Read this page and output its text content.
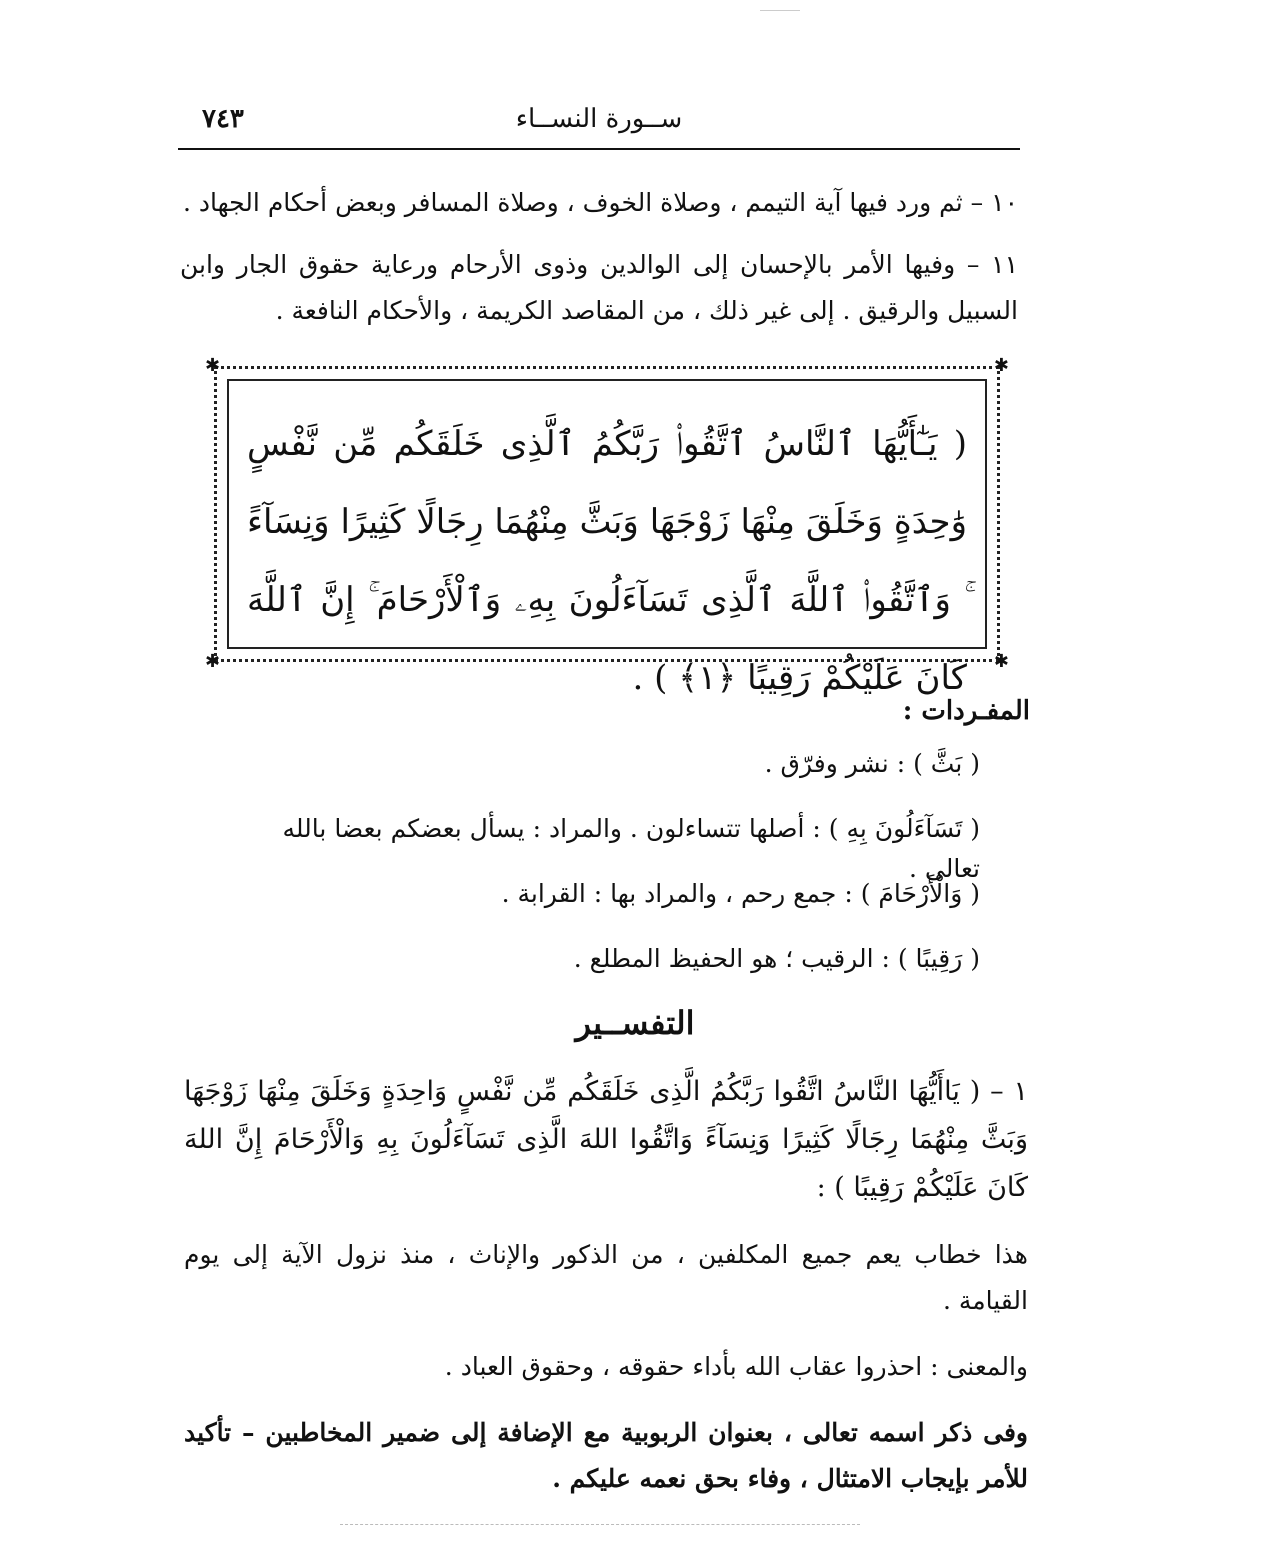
٧٤٣	ســورة النســاء

١٠ – ثم ورد فيها آية التيمم ، وصلاة الخوف ، وصلاة المسافر وبعض أحكام الجهاد .

١١ – وفيها الأمر بالإحسان إلى الوالدين وذوى الأرحام ورعاية حقوق الجار وابن السبيل والرقيق . إلى غير ذلك ، من المقاصد الكريمة ، والأحكام النافعة .

✱	✱
✱	✱
( يَـٰٓأَيُّهَا ٱلنَّاسُ ٱتَّقُوا۟ رَبَّكُمُ ٱلَّذِى خَلَقَكُم مِّن نَّفْسٍ وَٰحِدَةٍ وَخَلَقَ مِنْهَا زَوْجَهَا وَبَثَّ مِنْهُمَا رِجَالًا كَثِيرًا وَنِسَآءً ۚ وَٱتَّقُوا۟ ٱللَّهَ ٱلَّذِى تَسَآءَلُونَ بِهِۦ وَٱلْأَرْحَامَ ۚ إِنَّ ٱللَّهَ كَانَ عَلَيْكُمْ رَقِيبًا ﴿١﴾ ) .
المفـردات :

( بَثَّ ) : نشر وفرّق .

( تَسَآءَلُونَ بِهِ ) : أصلها تتساءلون . والمراد : يسأل بعضكم بعضا بالله تعالى .

( وَالْأَرْحَامَ ) : جمع رحم ، والمراد بها : القرابة .

( رَقِيبًا ) : الرقيب ؛ هو الحفيظ المطلع .

التفســير

١ – ( يَاأَيُّهَا النَّاسُ اتَّقُوا رَبَّكُمُ الَّذِى خَلَقَكُم مِّن نَّفْسٍ وَاحِدَةٍ وَخَلَقَ مِنْهَا زَوْجَهَا وَبَثَّ مِنْهُمَا رِجَالًا كَثِيرًا وَنِسَآءً وَاتَّقُوا اللهَ الَّذِى تَسَآءَلُونَ بِهِ وَالْأَرْحَامَ إِنَّ اللهَ كَانَ عَلَيْكُمْ رَقِيبًا ) :

هذا خطاب يعم جميع المكلفين ، من الذكور والإناث ، منذ نزول الآية إلى يوم القيامة .

والمعنى : احذروا عقاب الله بأداء حقوقه ، وحقوق العباد .

وفى ذكر اسمه تعالى ، بعنوان الربوبية مع الإضافة إلى ضمير المخاطبين – تأكيد للأمر بإيجاب الامتثال ، وفاء بحق نعمه عليكم .
